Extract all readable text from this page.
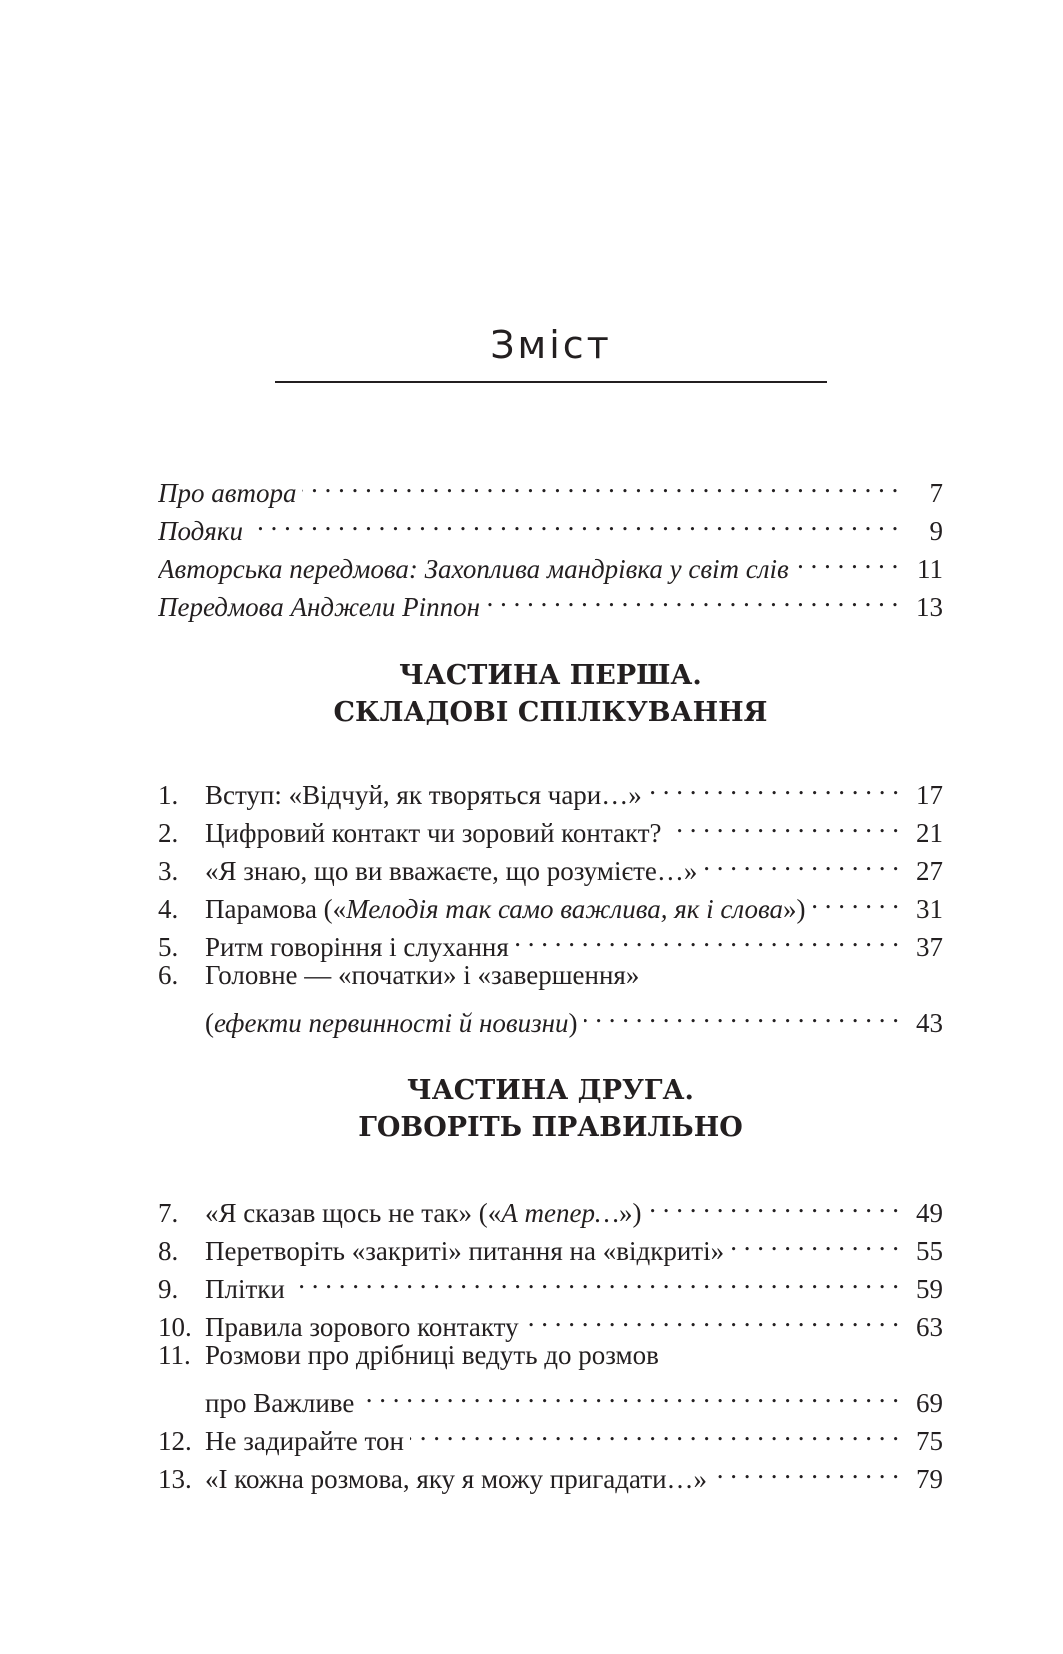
Зміст
Про автора . . .	7
Подяки . . .	9
Авторська передмова: Захоплива мандрівка у світ слів . . .	11
Передмова Анджели Ріппон . . .	13
ЧАСТИНА ПЕРША.
СКЛАДОВІ СПІЛКУВАННЯ
1. Вступ: «Відчуй, як творяться чари…» . . .	17
2. Цифровий контакт чи зоровий контакт? . . .	21
3. «Я знаю, що ви вважаєте, що розумієте…» . . .	27
4. Парамова («Мелодія так само важлива, як і слова») . . .	31
5. Ритм говоріння і слухання . . .	37
6. Головне — «початки» і «завершення»
(ефекти первинності й новизни) . . .	43
ЧАСТИНА ДРУГА.
ГОВОРІТЬ ПРАВИЛЬНО
7. «Я сказав щось не так» («А тепер…») . . .	49
8. Перетворіть «закриті» питання на «відкриті» . . .	55
9. Плітки . . .	59
10. Правила зорового контакту . . .	63
11. Розмови про дрібниці ведуть до розмов
про Важливе . . .	69
12. Не задирайте тон . . .	75
13. «І кожна розмова, яку я можу пригадати…» . . .	79
